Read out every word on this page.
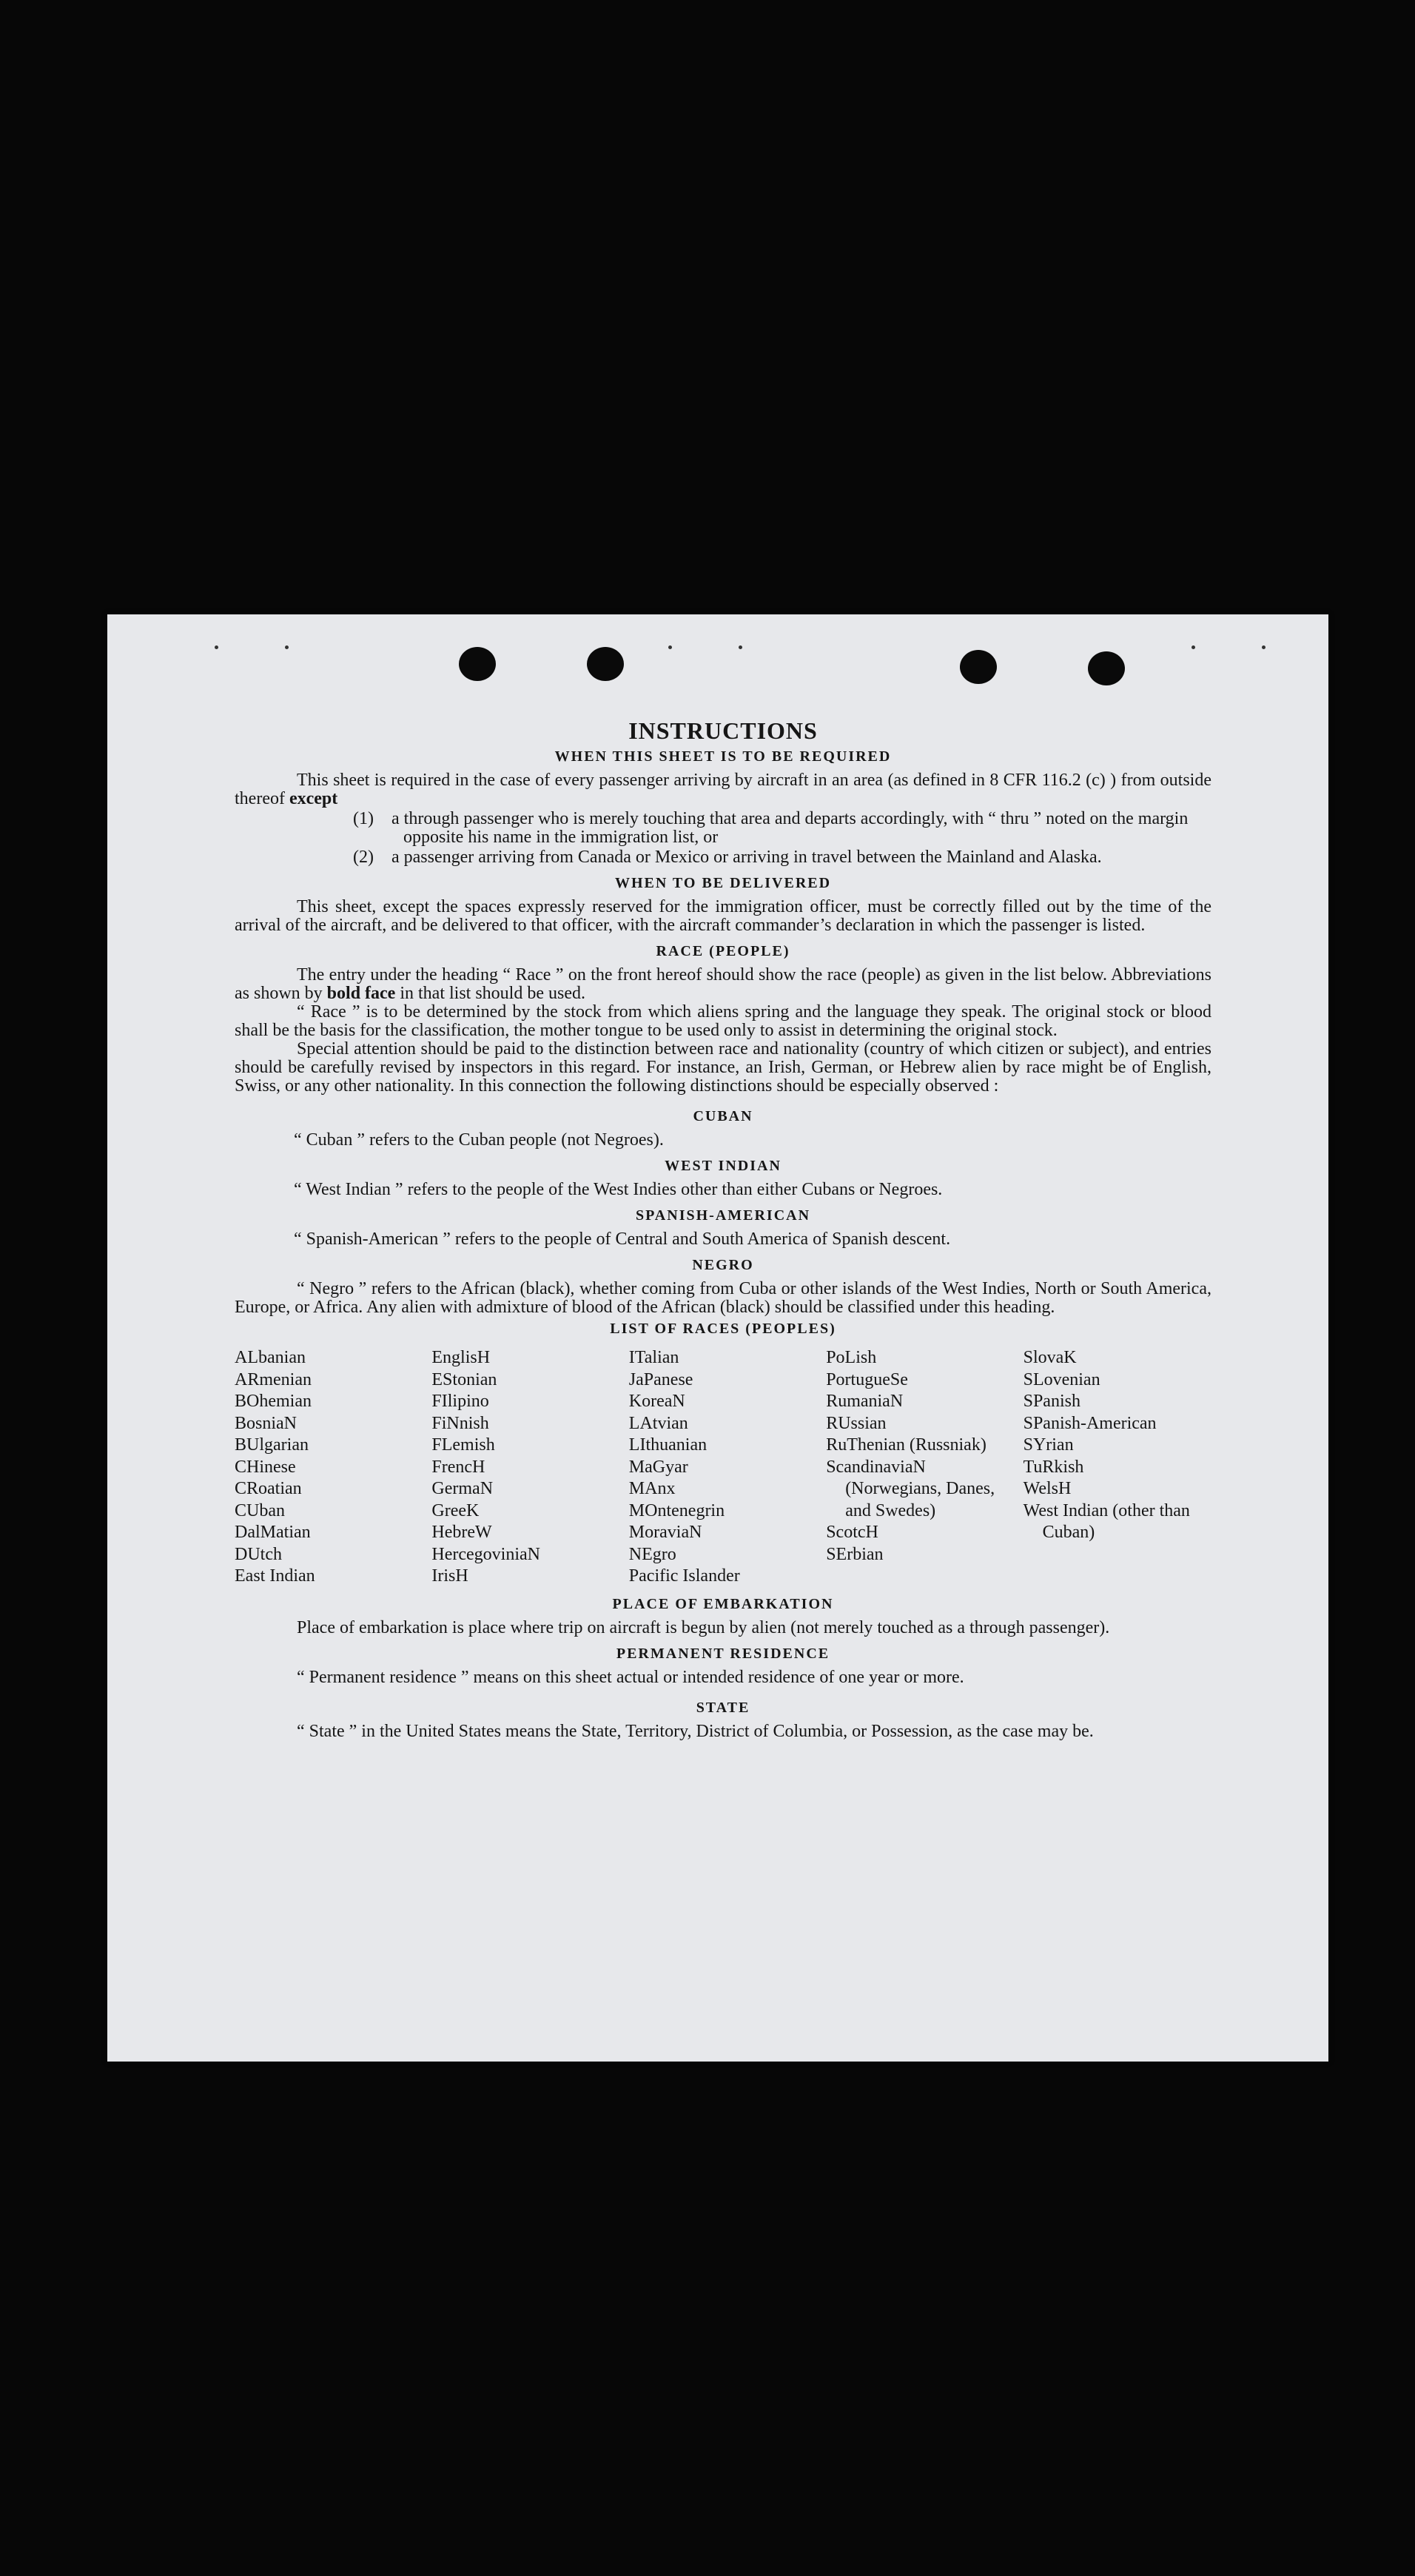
INSTRUCTIONS
WHEN THIS SHEET IS TO BE REQUIRED

This sheet is required in the case of every passenger arriving by aircraft in an area (as defined in 8 CFR 116.2 (c) ) from outside thereof except

(1)	a through passenger who is merely touching that area and departs accordingly, with “ thru ” noted on the margin opposite his name in the immigration list, or
(2)	a passenger arriving from Canada or Mexico or arriving in travel between the Mainland and Alaska.
WHEN TO BE DELIVERED

This sheet, except the spaces expressly reserved for the immigration officer, must be correctly filled out by the time of the arrival of the aircraft, and be delivered to that officer, with the aircraft commander’s declaration in which the passenger is listed.

RACE (PEOPLE)

The entry under the heading “ Race ” on the front hereof should show the race (people) as given in the list below. Abbreviations as shown by bold face in that list should be used.

“ Race ” is to be determined by the stock from which aliens spring and the language they speak. The original stock or blood shall be the basis for the classification, the mother tongue to be used only to assist in determining the original stock.

Special attention should be paid to the distinction between race and nationality (country of which citizen or subject), and entries should be carefully revised by inspectors in this regard. For instance, an Irish, German, or Hebrew alien by race might be of English, Swiss, or any other nationality. In this connection the following distinctions should be especially observed :

CUBAN
“ Cuban ” refers to the Cuban people (not Negroes).
WEST INDIAN
“ West Indian ” refers to the people of the West Indies other than either Cubans or Negroes.
SPANISH-AMERICAN
“ Spanish-American ” refers to the people of Central and South America of Spanish descent.
NEGRO

“ Negro ” refers to the African (black), whether coming from Cuba or other islands of the West Indies, North or South America, Europe, or Africa. Any alien with admixture of blood of the African (black) should be classified under this heading.

LIST OF RACES (PEOPLES)
ALbanian
ARmenian
BOhemian
BosniaN
BUlgarian
CHinese
CRoatian
CUban
DalMatian
DUtch
East Indian
EnglisH
EStonian
FIlipino
FiNnish
FLemish
FrencH
GermaN
GreeK
HebreW
HercegoviniaN
IrisH
ITalian
JaPanese
KoreaN
LAtvian
LIthuanian
MaGyar
MAnx
MOntenegrin
MoraviaN
NEgro
Pacific Islander
PoLish
PortugueSe
RumaniaN
RUssian
RuThenian (Russniak)
ScandinaviaN (Norwegians, Danes, and Swedes)
ScotcH
SErbian
SlovaK
SLovenian
SPanish
SPanish-American
SYrian
TuRkish
WelsH
West Indian (other than Cuban)
PLACE OF EMBARKATION

Place of embarkation is place where trip on aircraft is begun by alien (not merely touched as a through passenger).

PERMANENT RESIDENCE

“ Permanent residence ” means on this sheet actual or intended residence of one year or more.

STATE

“ State ” in the United States means the State, Territory, District of Columbia, or Possession, as the case may be.
